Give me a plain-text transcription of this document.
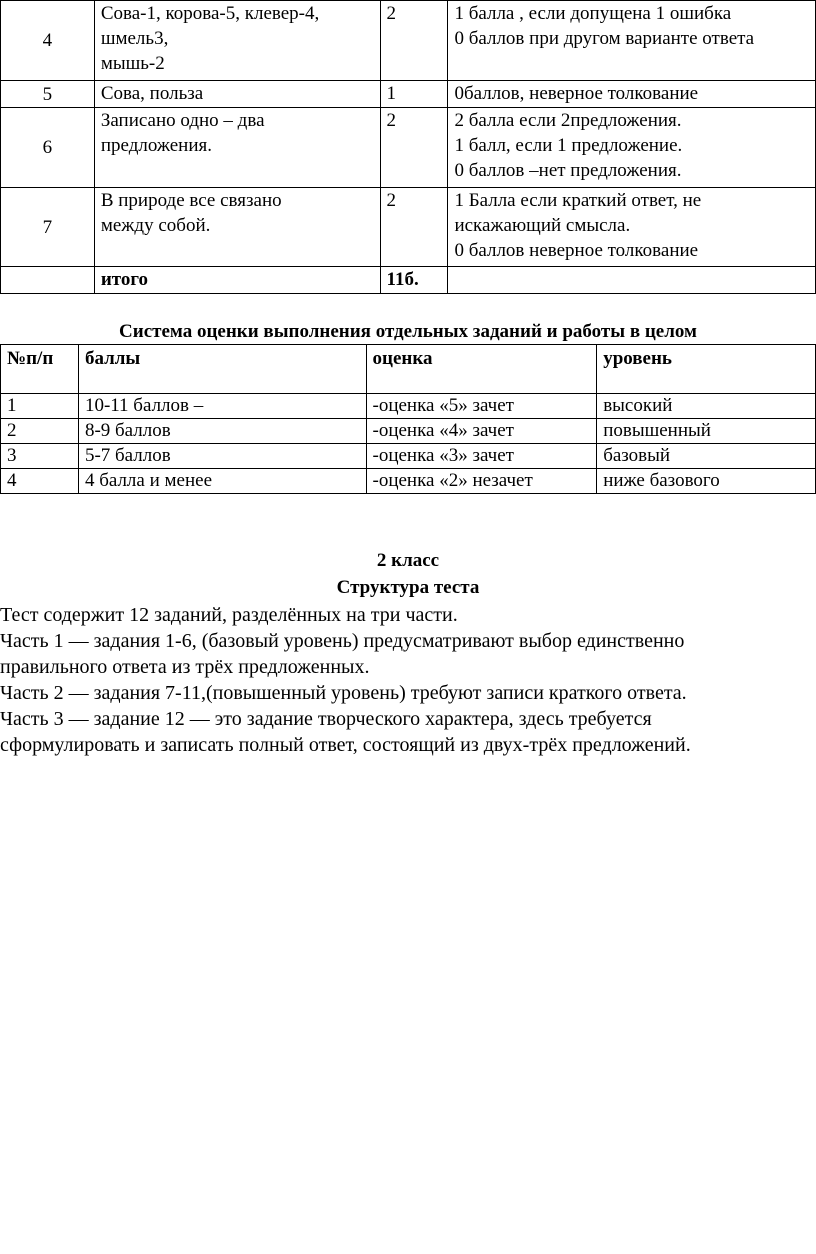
4	Сова-1, корова-5, клевер-4,
шмель3,
мышь-2	2	1 балла , если допущена 1 ошибка
0 баллов при другом варианте ответа

5	Сова, польза	1	0баллов, неверное толкование

6	Записано одно – два
предложения.	2	2 балла если 2предложения.
1 балл, если 1 предложение.
0 баллов –нет предложения.

7	В природе все связано
между собой.	2	1 Балла если краткий ответ, не
искажающий смысла.
0 баллов неверное толкование

	итого	11б.	
Система оценки выполнения отдельных заданий и работы в целом
№п/п	баллы	оценка	уровень
1	10-11 баллов –	-оценка «5» зачет	высокий
2	8-9 баллов	-оценка «4» зачет	повышенный
3	5-7 баллов	-оценка «3» зачет	базовый
4	4 балла и менее	-оценка «2» незачет	ниже базового
2 класс
Структура теста

Тест содержит 12 заданий, разделённых на три части.

Часть 1 — задания 1-6, (базовый уровень) предусматривают выбор единственно

правильного ответа из трёх предложенных.

Часть 2 — задания 7-11,(повышенный уровень) требуют записи краткого ответа.

Часть 3 — задание 12 — это задание творческого характера, здесь требуется

сформулировать и записать полный ответ, состоящий из двух-трёх предложений.
